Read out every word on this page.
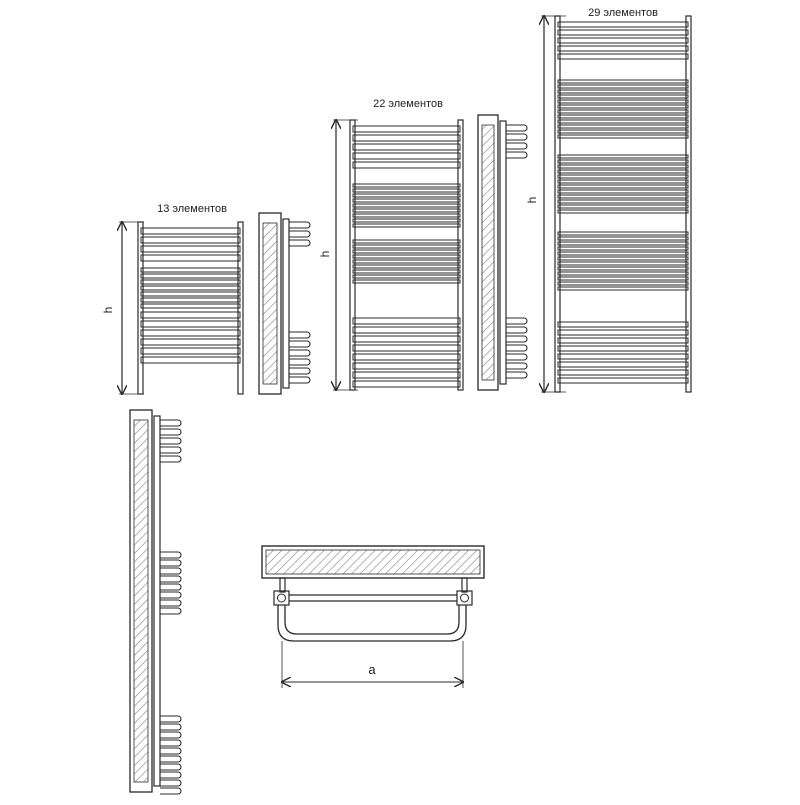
13 элементов
h
22 элементов
h
29 элементов
h
a
